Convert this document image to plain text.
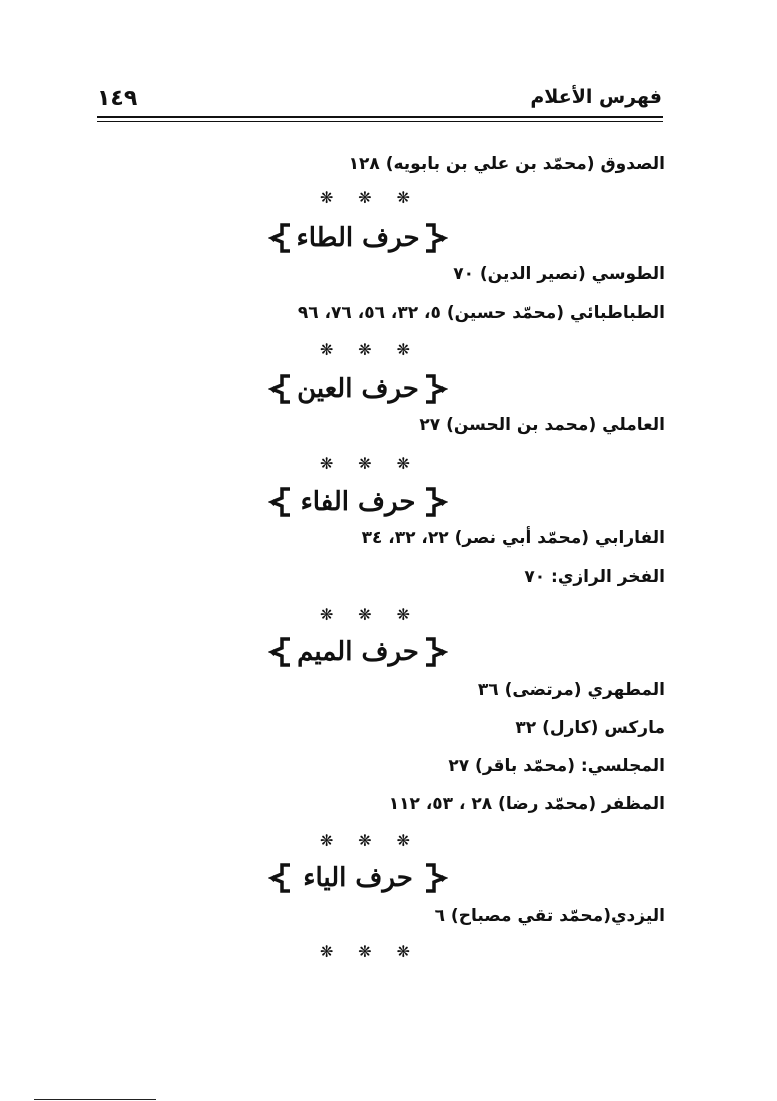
١٤٩	فهرس الأعلام
الصدوق (محمّد بن علي بن بابويه) ١٢٨
❋ ❋ ❋
حرف الطاء
الطوسي (نصير الدين) ٧٠
الطباطبائي (محمّد حسين) ٥، ٣٢، ٥٦، ٧٦، ٩٦
❋ ❋ ❋
حرف العين
العاملي (محمد بن الحسن) ٢٧
❋ ❋ ❋
حرف الفاء
الفارابي (محمّد أبي نصر) ٢٢، ٣٢، ٣٤
الفخر الرازي: ٧٠
❋ ❋ ❋
حرف الميم
المطهري (مرتضى) ٣٦
ماركس (كارل) ٣٢
المجلسي: (محمّد باقر) ٢٧
المظفر (محمّد رضا) ٢٨ ، ٥٣، ١١٢
❋ ❋ ❋
حرف الياء
اليزدي(محمّد تقي مصباح) ٦
❋ ❋ ❋
